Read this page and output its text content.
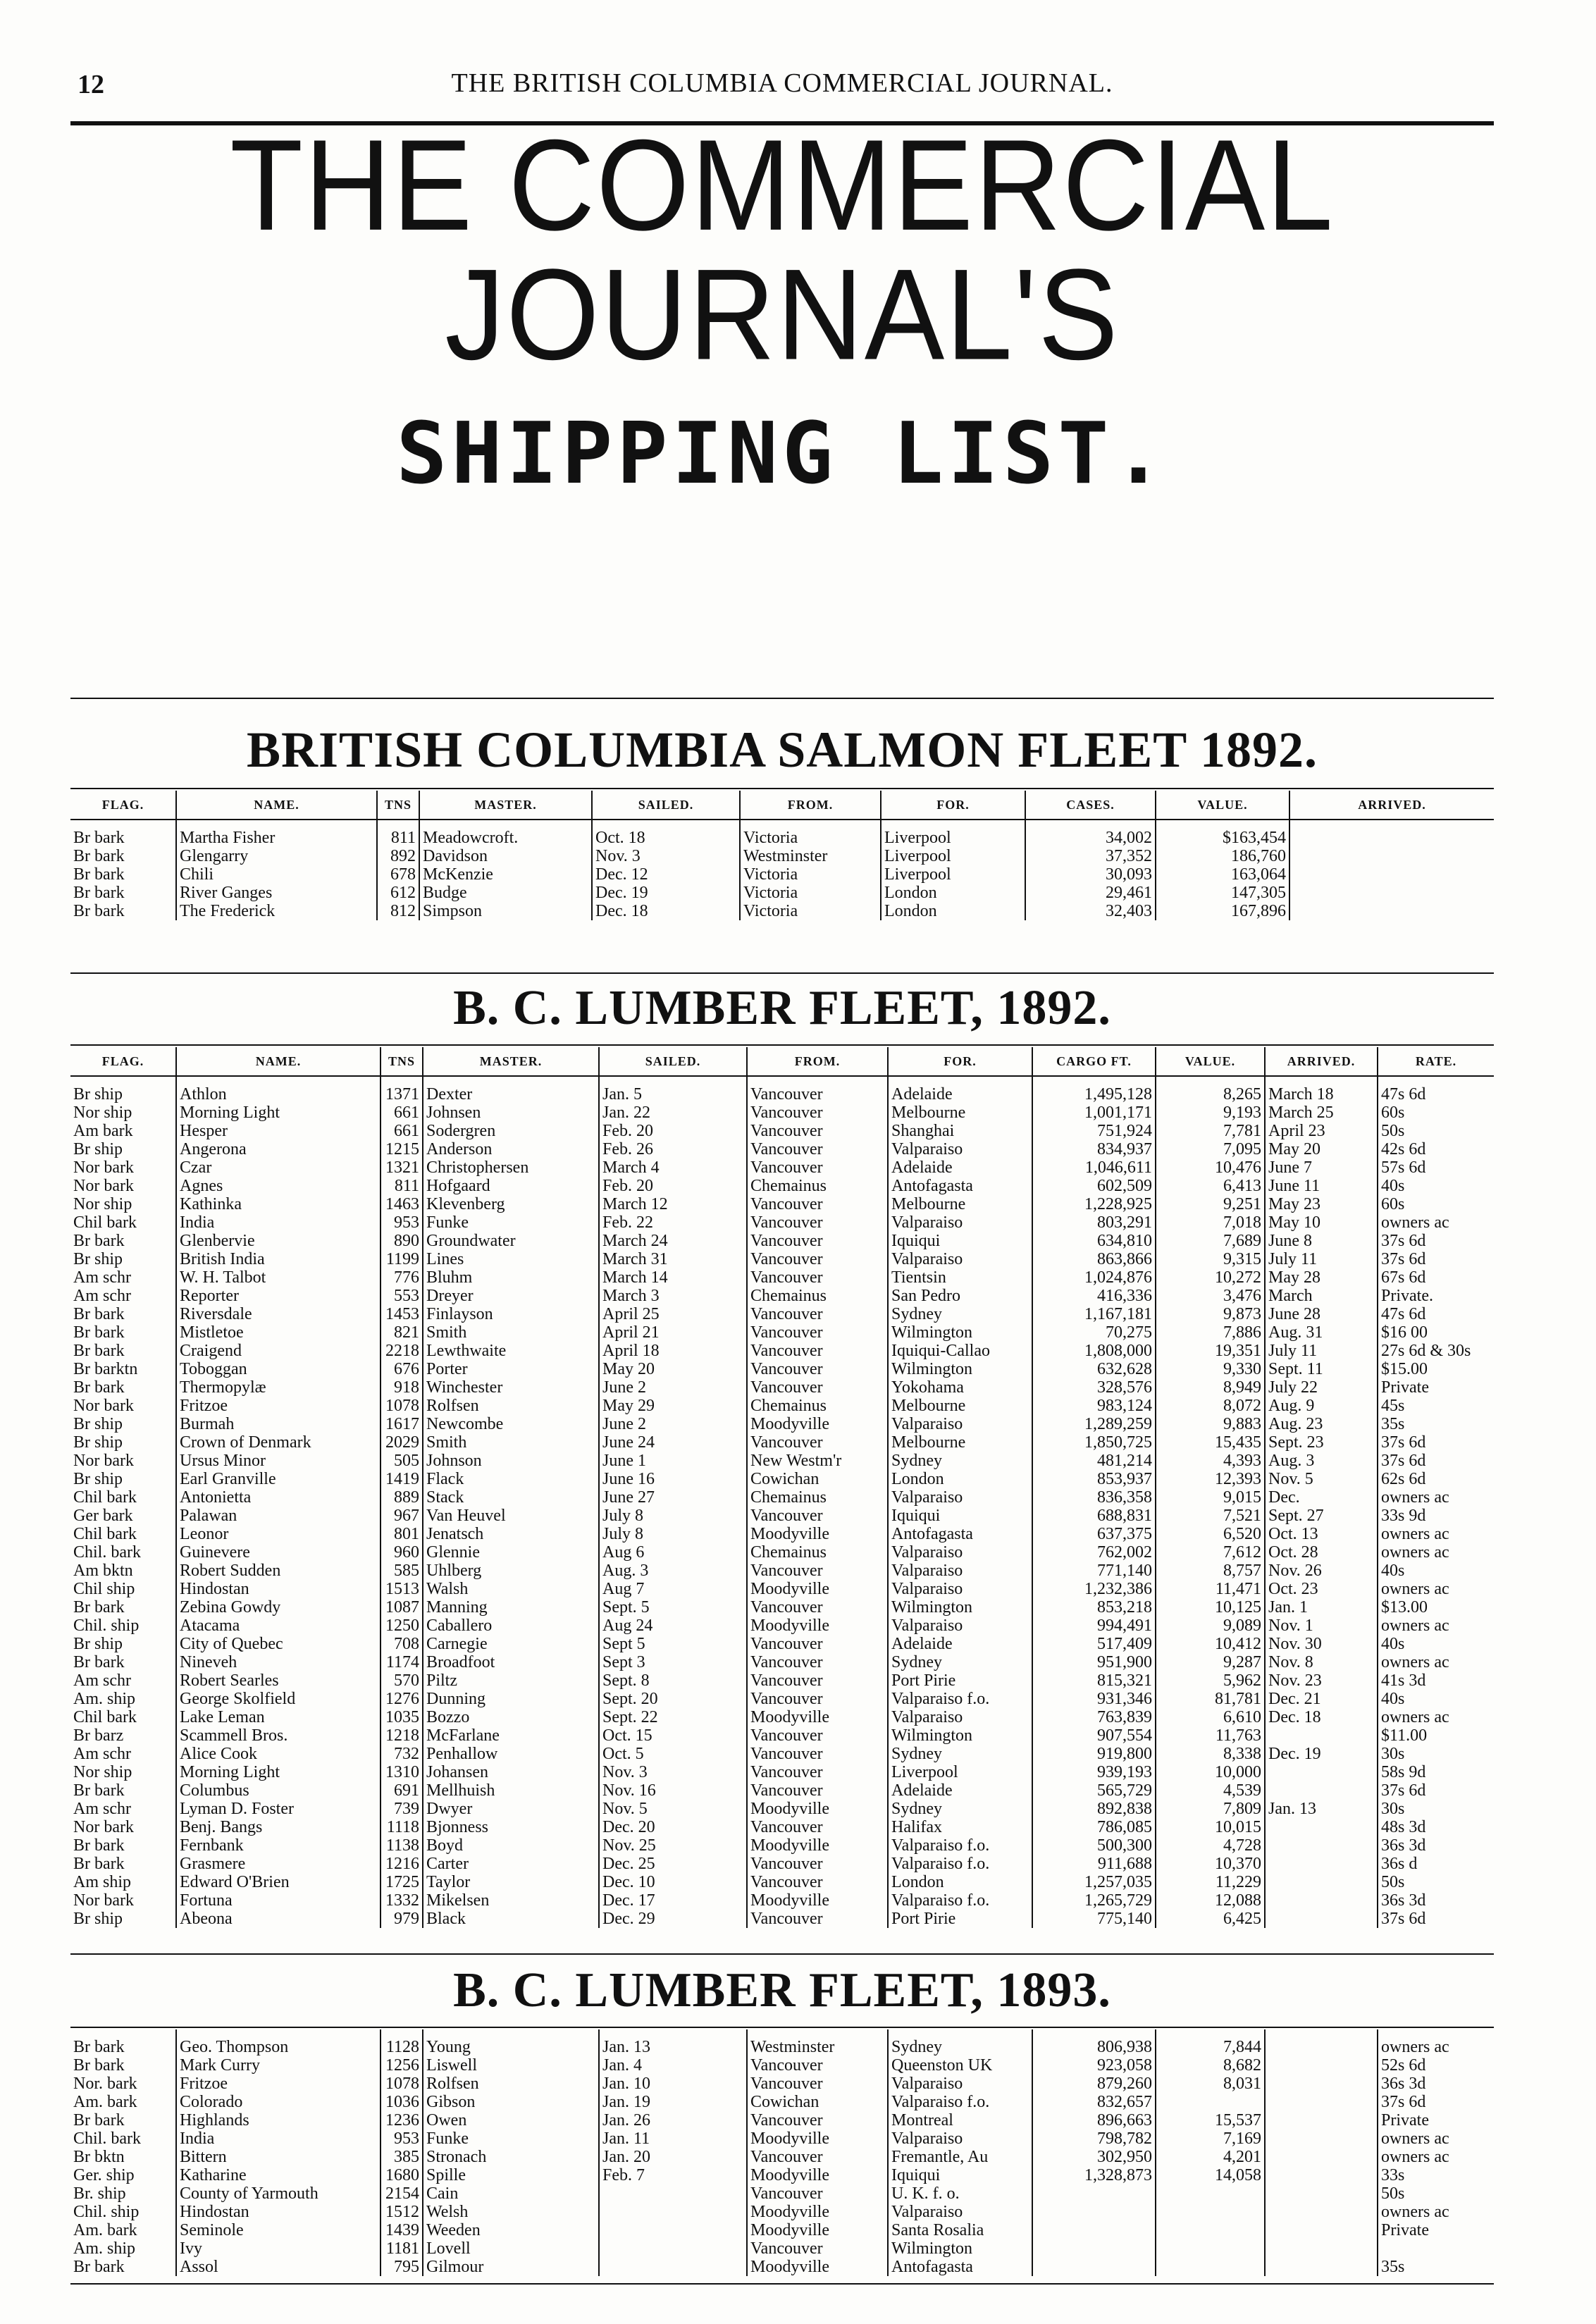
12	THE BRITISH COLUMBIA COMMERCIAL JOURNAL.
THE COMMERCIAL JOURNAL'S
SHIPPING LIST.
BRITISH COLUMBIA SALMON FLEET 1892.
FLAG.	NAME.	TNS	MASTER.	SAILED.	FROM.	FOR.	CASES.	VALUE.	ARRIVED.
Br bark	Martha Fisher	811	Meadowcroft.	Oct. 18	Victoria	Liverpool	34,002	$163,454	
Br bark	Glengarry	892	Davidson	Nov. 3	Westminster	Liverpool	37,352	186,760	
Br bark	Chili	678	McKenzie	Dec. 12	Victoria	Liverpool	30,093	163,064	
Br bark	River Ganges	612	Budge	Dec. 19	Victoria	London	29,461	147,305	
Br bark	The Frederick	812	Simpson	Dec. 18	Victoria	London	32,403	167,896	
B. C. LUMBER FLEET, 1892.
FLAG.	NAME.	TNS	MASTER.	SAILED.	FROM.	FOR.	CARGO FT.	VALUE.	ARRIVED.	RATE.
Br ship	Athlon	1371	Dexter	Jan. 5	Vancouver	Adelaide	1,495,128	8,265	March 18	47s 6d
Nor ship	Morning Light	661	Johnsen	Jan. 22	Vancouver	Melbourne	1,001,171	9,193	March 25	60s
Am bark	Hesper	661	Sodergren	Feb. 20	Vancouver	Shanghai	751,924	7,781	April 23	50s
Br ship	Angerona	1215	Anderson	Feb. 26	Vancouver	Valparaiso	834,937	7,095	May 20	42s 6d
Nor bark	Czar	1321	Christophersen	March 4	Vancouver	Adelaide	1,046,611	10,476	June 7	57s 6d
Nor bark	Agnes	811	Hofgaard	Feb. 20	Chemainus	Antofagasta	602,509	6,413	June 11	40s
Nor ship	Kathinka	1463	Klevenberg	March 12	Vancouver	Melbourne	1,228,925	9,251	May 23	60s
Chil bark	India	953	Funke	Feb. 22	Vancouver	Valparaiso	803,291	7,018	May 10	owners ac
Br bark	Glenbervie	890	Groundwater	March 24	Vancouver	Iquiqui	634,810	7,689	June 8	37s 6d
Br ship	British India	1199	Lines	March 31	Vancouver	Valparaiso	863,866	9,315	July 11	37s 6d
Am schr	W. H. Talbot	776	Bluhm	March 14	Vancouver	Tientsin	1,024,876	10,272	May 28	67s 6d
Am schr	Reporter	553	Dreyer	March 3	Chemainus	San Pedro	416,336	3,476	March	Private.
Br bark	Riversdale	1453	Finlayson	April 25	Vancouver	Sydney	1,167,181	9,873	June 28	47s 6d
Br bark	Mistletoe	821	Smith	April 21	Vancouver	Wilmington	70,275	7,886	Aug. 31	$16 00
Br bark	Craigend	2218	Lewthwaite	April 18	Vancouver	Iquiqui-Callao	1,808,000	19,351	July 11	27s 6d & 30s
Br barktn	Toboggan	676	Porter	May 20	Vancouver	Wilmington	632,628	9,330	Sept. 11	$15.00
Br bark	Thermopylæ	918	Winchester	June 2	Vancouver	Yokohama	328,576	8,949	July 22	Private
Nor bark	Fritzoe	1078	Rolfsen	May 29	Chemainus	Melbourne	983,124	8,072	Aug. 9	45s
Br ship	Burmah	1617	Newcombe	June 2	Moodyville	Valparaiso	1,289,259	9,883	Aug. 23	35s
Br ship	Crown of Denmark	2029	Smith	June 24	Vancouver	Melbourne	1,850,725	15,435	Sept. 23	37s 6d
Nor bark	Ursus Minor	505	Johnson	June 1	New Westm'r	Sydney	481,214	4,393	Aug. 3	37s 6d
Br ship	Earl Granville	1419	Flack	June 16	Cowichan	London	853,937	12,393	Nov. 5	62s 6d
Chil bark	Antonietta	889	Stack	June 27	Chemainus	Valparaiso	836,358	9,015	Dec.	owners ac
Ger bark	Palawan	967	Van Heuvel	July 8	Vancouver	Iquiqui	688,831	7,521	Sept. 27	33s 9d
Chil bark	Leonor	801	Jenatsch	July 8	Moodyville	Antofagasta	637,375	6,520	Oct. 13	owners ac
Chil. bark	Guinevere	960	Glennie	Aug 6	Chemainus	Valparaiso	762,002	7,612	Oct. 28	owners ac
Am bktn	Robert Sudden	585	Uhlberg	Aug. 3	Vancouver	Valparaiso	771,140	8,757	Nov. 26	40s
Chil ship	Hindostan	1513	Walsh	Aug 7	Moodyville	Valparaiso	1,232,386	11,471	Oct. 23	owners ac
Br bark	Zebina Gowdy	1087	Manning	Sept. 5	Vancouver	Wilmington	853,218	10,125	Jan. 1	$13.00
Chil. ship	Atacama	1250	Caballero	Aug 24	Moodyville	Valparaiso	994,491	9,089	Nov. 1	owners ac
Br ship	City of Quebec	708	Carnegie	Sept 5	Vancouver	Adelaide	517,409	10,412	Nov. 30	40s
Br bark	Nineveh	1174	Broadfoot	Sept 3	Vancouver	Sydney	951,900	9,287	Nov. 8	owners ac
Am schr	Robert Searles	570	Piltz	Sept. 8	Vancouver	Port Pirie	815,321	5,962	Nov. 23	41s 3d
Am. ship	George Skolfield	1276	Dunning	Sept. 20	Vancouver	Valparaiso f.o.	931,346	81,781	Dec. 21	40s
Chil bark	Lake Leman	1035	Bozzo	Sept. 22	Moodyville	Valparaiso	763,839	6,610	Dec. 18	owners ac
Br barz	Scammell Bros.	1218	McFarlane	Oct. 15	Vancouver	Wilmington	907,554	11,763		$11.00
Am schr	Alice Cook	732	Penhallow	Oct. 5	Vancouver	Sydney	919,800	8,338	Dec. 19	30s
Nor ship	Morning Light	1310	Johansen	Nov. 3	Vancouver	Liverpool	939,193	10,000		58s 9d
Br bark	Columbus	691	Mellhuish	Nov. 16	Vancouver	Adelaide	565,729	4,539		37s 6d
Am schr	Lyman D. Foster	739	Dwyer	Nov. 5	Moodyville	Sydney	892,838	7,809	Jan. 13	30s
Nor bark	Benj. Bangs	1118	Bjonness	Dec. 20	Vancouver	Halifax	786,085	10,015		48s 3d
Br bark	Fernbank	1138	Boyd	Nov. 25	Moodyville	Valparaiso f.o.	500,300	4,728		36s 3d
Br bark	Grasmere	1216	Carter	Dec. 25	Vancouver	Valparaiso f.o.	911,688	10,370		36s d
Am ship	Edward O'Brien	1725	Taylor	Dec. 10	Vancouver	London	1,257,035	11,229		50s
Nor bark	Fortuna	1332	Mikelsen	Dec. 17	Moodyville	Valparaiso f.o.	1,265,729	12,088		36s 3d
Br ship	Abeona	979	Black	Dec. 29	Vancouver	Port Pirie	775,140	6,425		37s 6d
B. C. LUMBER FLEET, 1893.
Br bark	Geo. Thompson	1128	Young	Jan. 13	Westminster	Sydney	806,938	7,844		owners ac
Br bark	Mark Curry	1256	Liswell	Jan. 4	Vancouver	Queenston UK	923,058	8,682		52s 6d
Nor. bark	Fritzoe	1078	Rolfsen	Jan. 10	Vancouver	Valparaiso	879,260	8,031		36s 3d
Am. bark	Colorado	1036	Gibson	Jan. 19	Cowichan	Valparaiso f.o.	832,657			37s 6d
Br bark	Highlands	1236	Owen	Jan. 26	Vancouver	Montreal	896,663	15,537		Private
Chil. bark	India	953	Funke	Jan. 11	Moodyville	Valparaiso	798,782	7,169		owners ac
Br bktn	Bittern	385	Stronach	Jan. 20	Vancouver	Fremantle, Au	302,950	4,201		owners ac
Ger. ship	Katharine	1680	Spille	Feb. 7	Moodyville	Iquiqui	1,328,873	14,058		33s
Br. ship	County of Yarmouth	2154	Cain		Vancouver	U. K. f. o.				50s
Chil. ship	Hindostan	1512	Welsh		Moodyville	Valparaiso				owners ac
Am. bark	Seminole	1439	Weeden		Moodyville	Santa Rosalia				Private
Am. ship	Ivy	1181	Lovell		Vancouver	Wilmington				
Br bark	Assol	795	Gilmour		Moodyville	Antofagasta				35s
